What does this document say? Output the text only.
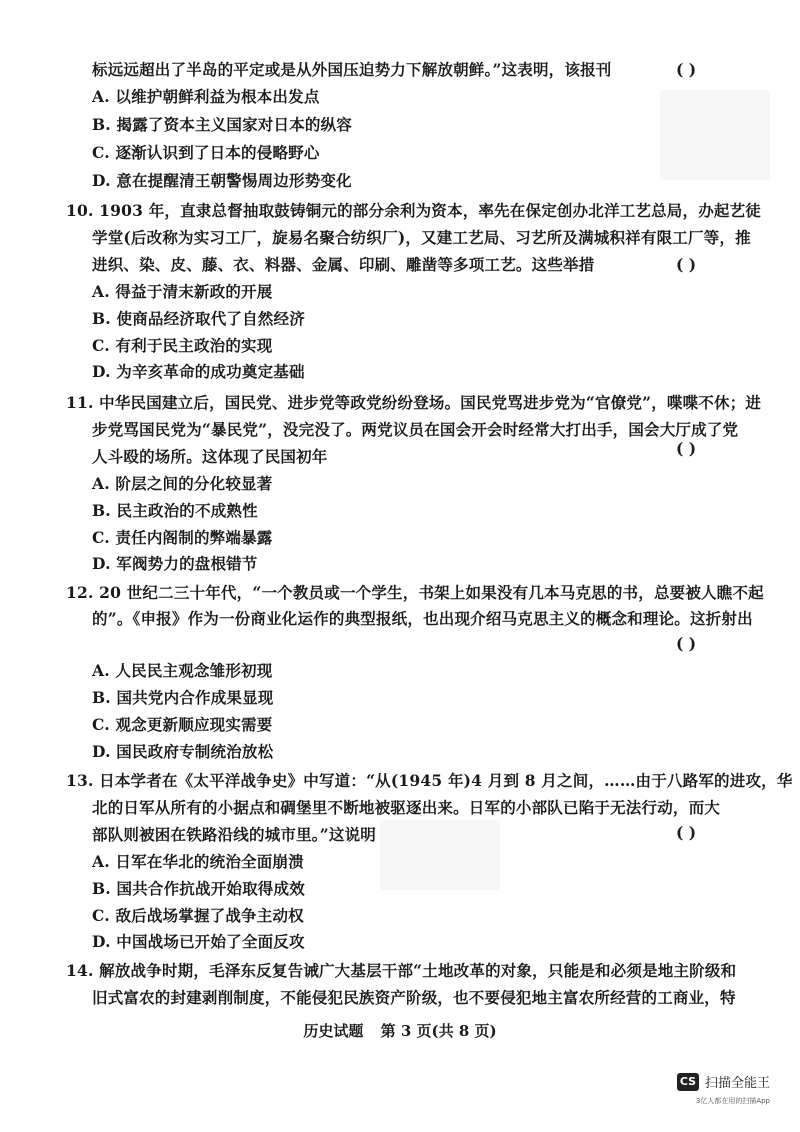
标远远超出了半岛的平定或是从外国压迫势力下解放朝鲜。”这表明，该报刊	( )
A. 以维护朝鲜利益为根本出发点
B. 揭露了资本主义国家对日本的纵容
C. 逐渐认识到了日本的侵略野心
D. 意在提醒清王朝警惕周边形势变化
10. 1903 年，直隶总督抽取鼓铸铜元的部分余利为资本，率先在保定创办北洋工艺总局，办起艺徒
学堂(后改称为实习工厂，旋易名聚合纺织厂)，又建工艺局、习艺所及满城积祥有限工厂等，推
进织、染、皮、藤、衣、料器、金属、印刷、雕凿等多项工艺。这些举措	( )
A. 得益于清末新政的开展
B. 使商品经济取代了自然经济
C. 有利于民主政治的实现
D. 为辛亥革命的成功奠定基础
11. 中华民国建立后，国民党、进步党等政党纷纷登场。国民党骂进步党为“官僚党”，喋喋不休；进
步党骂国民党为“暴民党”，没完没了。两党议员在国会开会时经常大打出手，国会大厅成了党
人斗殴的场所。这体现了民国初年	( )
A. 阶层之间的分化较显著
B. 民主政治的不成熟性
C. 责任内阁制的弊端暴露
D. 军阀势力的盘根错节
12. 20 世纪二三十年代，“一个教员或一个学生，书架上如果没有几本马克思的书，总要被人瞧不起
的”。《申报》作为一份商业化运作的典型报纸，也出现介绍马克思主义的概念和理论。这折射出
( )
A. 人民民主观念雏形初现
B. 国共党内合作成果显现
C. 观念更新顺应现实需要
D. 国民政府专制统治放松
13. 日本学者在《太平洋战争史》中写道：“从(1945 年)4 月到 8 月之间，……由于八路军的进攻，华
北的日军从所有的小据点和碉堡里不断地被驱逐出来。日军的小部队已陷于无法行动，而大
部队则被困在铁路沿线的城市里。”这说明	( )
A. 日军在华北的统治全面崩溃
B. 国共合作抗战开始取得成效
C. 敌后战场掌握了战争主动权
D. 中国战场已开始了全面反攻
14. 解放战争时期，毛泽东反复告诫广大基层干部“土地改革的对象，只能是和必须是地主阶级和
旧式富农的封建剥削制度，不能侵犯民族资产阶级，也不要侵犯地主富农所经营的工商业，特
历史试题 第 3 页(共 8 页)
CS 扫描全能王
3亿人都在用的扫描App
